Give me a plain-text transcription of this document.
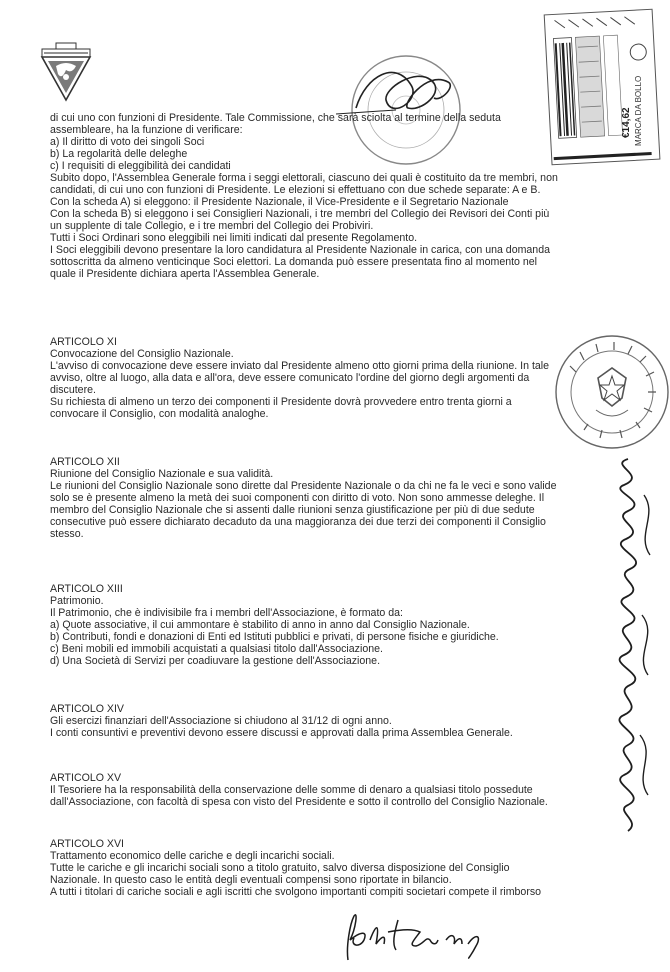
MARCA DA BOLLO
€14,62
di cui uno con funzioni di Presidente. Tale Commissione, che sarà sciolta al termine della seduta
assembleare, ha la funzione di verificare:
a) Il diritto di voto dei singoli Soci
b) La regolarità delle deleghe
c) I requisiti di eleggibilità dei candidati
Subito dopo, l'Assemblea Generale forma i seggi elettorali, ciascuno dei quali è costituito da tre membri, non
candidati, di cui uno con funzioni di Presidente. Le elezioni si effettuano con due schede separate: A e B.
Con la scheda A) si eleggono: il Presidente Nazionale, il Vice-Presidente e il Segretario Nazionale
Con la scheda B) si eleggono i sei Consiglieri Nazionali, i tre membri del Collegio dei Revisori dei Conti più
un supplente di tale Collegio, e i tre membri del Collegio dei Probiviri.
Tutti i Soci Ordinari sono eleggibili nei limiti indicati dal presente Regolamento.
I Soci eleggibili devono presentare la loro candidatura al Presidente Nazionale in carica, con una domanda
sottoscritta da almeno venticinque Soci elettori. La domanda può essere presentata fino al momento nel
quale il Presidente dichiara aperta l'Assemblea Generale.
ARTICOLO XI
Convocazione del Consiglio Nazionale.
L'avviso di convocazione deve essere inviato dal Presidente almeno otto giorni prima della riunione. In tale
avviso, oltre al luogo, alla data e all'ora, deve essere comunicato l'ordine del giorno degli argomenti da
discutere.
Su richiesta di almeno un terzo dei componenti il Presidente dovrà provvedere entro trenta giorni a
convocare il Consiglio, con modalità analoghe.
ARTICOLO XII
Riunione del Consiglio Nazionale e sua validità.
Le riunioni del Consiglio Nazionale sono dirette dal Presidente Nazionale o da chi ne fa le veci e sono valide
solo se è presente almeno la metà dei suoi componenti con diritto di voto. Non sono ammesse deleghe. Il
membro del Consiglio Nazionale che si assenti dalle riunioni senza giustificazione per più di due sedute
consecutive può essere dichiarato decaduto da una maggioranza dei due terzi dei componenti il Consiglio
stesso.
ARTICOLO XIII
Patrimonio.
Il Patrimonio, che è indivisibile fra i membri dell'Associazione, è formato da:
a) Quote associative, il cui ammontare è stabilito di anno in anno dal Consiglio Nazionale.
b) Contributi, fondi e donazioni di Enti ed Istituti pubblici e privati, di persone fisiche e giuridiche.
c) Beni mobili ed immobili acquistati a qualsiasi titolo dall'Associazione.
d) Una Società di Servizi per coadiuvare la gestione dell'Associazione.
ARTICOLO XIV
Gli esercizi finanziari dell'Associazione si chiudono al 31/12 di ogni anno.
I conti consuntivi e preventivi devono essere discussi e approvati dalla prima Assemblea Generale.
ARTICOLO XV
Il Tesoriere ha la responsabilità della conservazione delle somme di denaro a qualsiasi titolo possedute
dall'Associazione, con facoltà di spesa con visto del Presidente e sotto il controllo del Consiglio Nazionale.
ARTICOLO XVI
Trattamento economico delle cariche e degli incarichi sociali.
Tutte le cariche e gli incarichi sociali sono a titolo gratuito, salvo diversa disposizione del Consiglio
Nazionale. In questo caso le entità degli eventuali compensi sono riportate in bilancio.
A tutti i titolari di cariche sociali e agli iscritti che svolgono importanti compiti societari compete il rimborso
